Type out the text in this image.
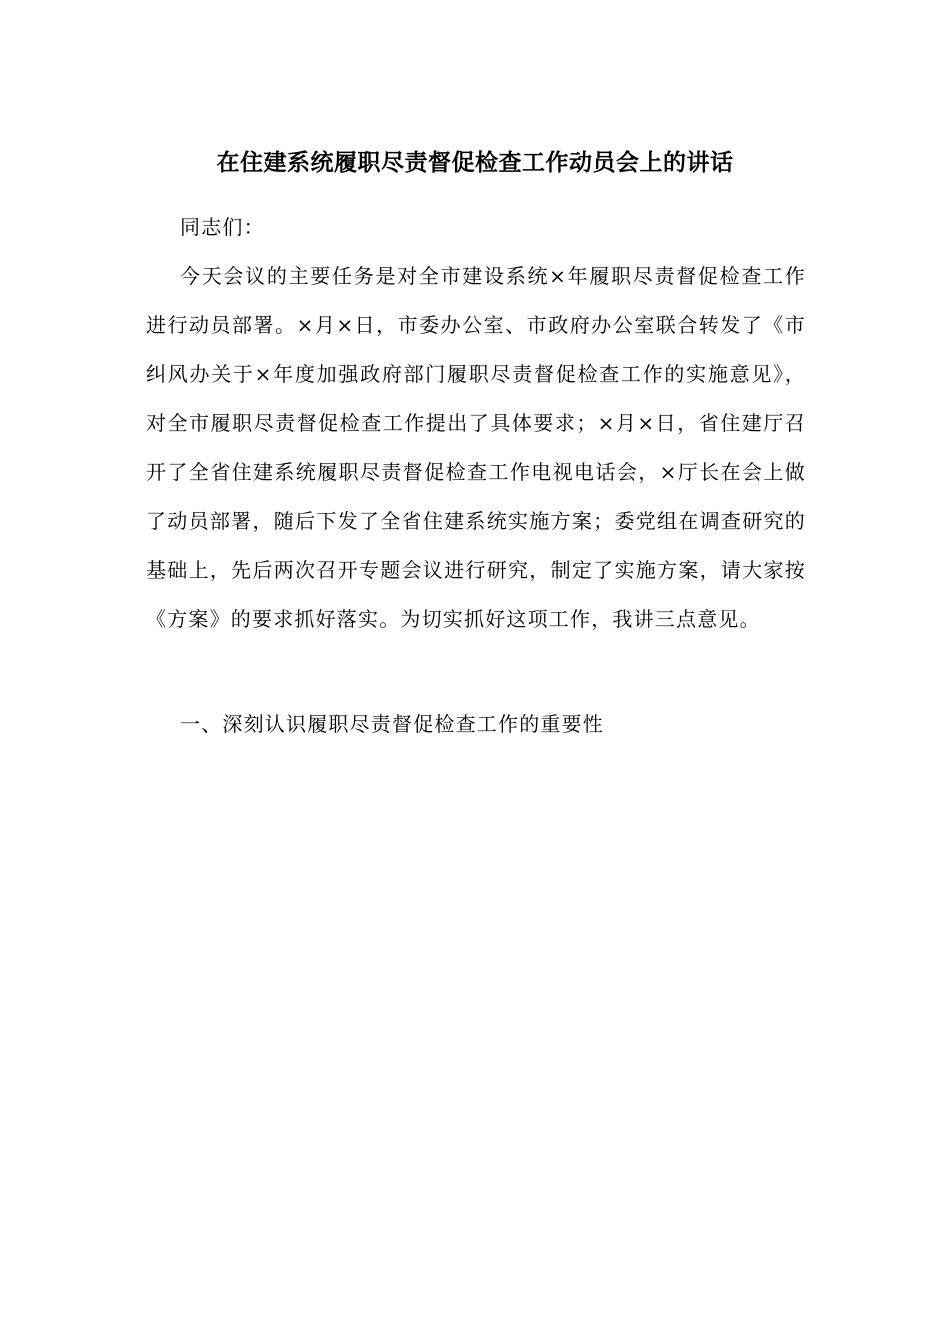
在住建系统履职尽责督促检查工作动员会上的讲话

同志们：

今天会议的主要任务是对全市建设系统×年履职尽责督促检查工作进行动员部署。×月×日，市委办公室、市政府办公室联合转发了《市纠风办关于×年度加强政府部门履职尽责督促检查工作的实施意见》，对全市履职尽责督促检查工作提出了具体要求；×月×日，省住建厅召开了全省住建系统履职尽责督促检查工作电视电话会，×厅长在会上做了动员部署，随后下发了全省住建系统实施方案；委党组在调查研究的基础上，先后两次召开专题会议进行研究，制定了实施方案，请大家按《方案》的要求抓好落实。为切实抓好这项工作，我讲三点意见。

一、深刻认识履职尽责督促检查工作的重要性
